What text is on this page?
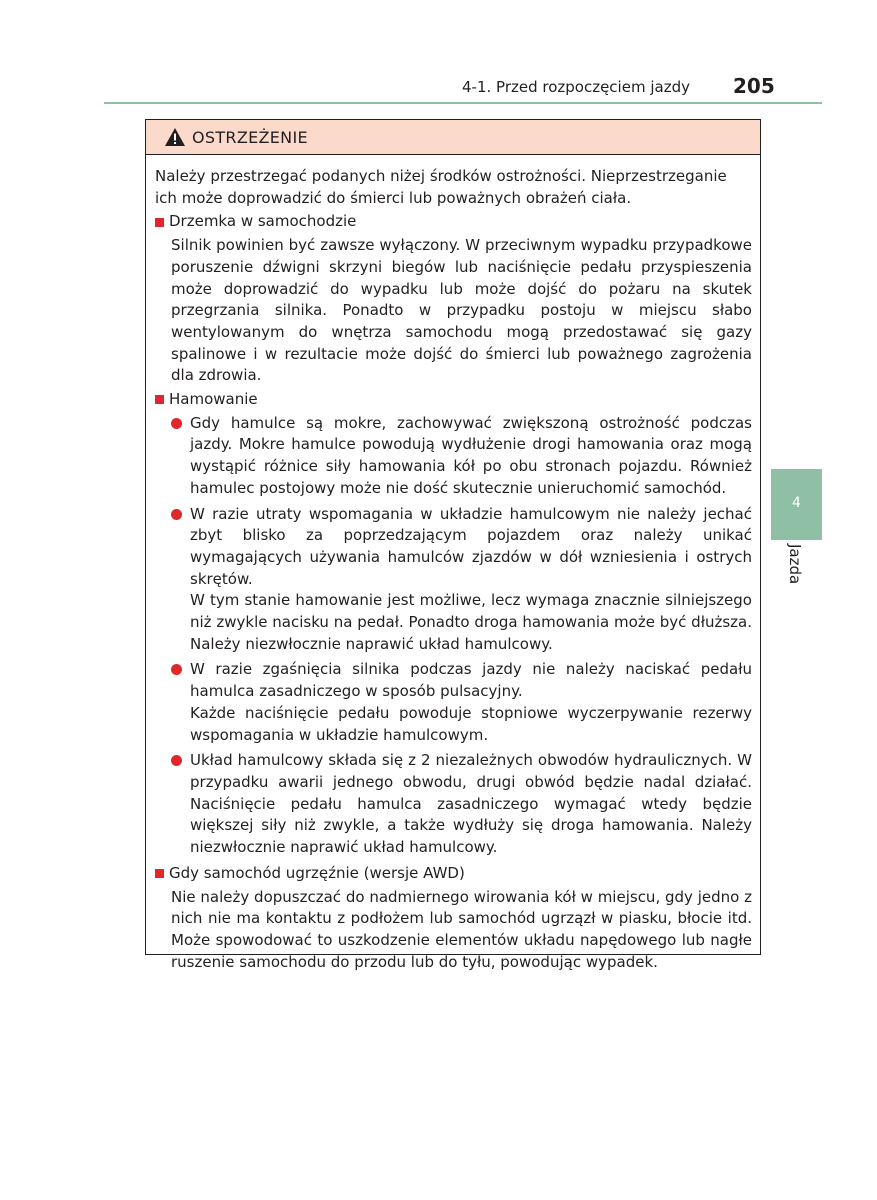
4-1. Przed rozpoczęciem jazdy 205
4
Jazda
OSTRZEŻENIE

Należy przestrzegać podanych niżej środków ostrożności. Nieprzestrzeganie ich może doprowadzić do śmierci lub poważnych obrażeń ciała.

Drzemka w samochodzie

Silnik powinien być zawsze wyłączony. W przeciwnym wypadku przypadkowe poruszenie dźwigni skrzyni biegów lub naciśnięcie pedału przyspieszenia może doprowadzić do wypadku lub może dojść do pożaru na skutek przegrzania silnika. Ponadto w przypadku postoju w miejscu słabo wentylowanym do wnętrza samochodu mogą przedostawać się gazy spalinowe i w rezultacie może dojść do śmierci lub poważnego zagrożenia dla zdrowia.

Hamowanie

Gdy hamulce są mokre, zachowywać zwiększoną ostrożność podczas jazdy. Mokre hamulce powodują wydłużenie drogi hamowania oraz mogą wystąpić różnice siły hamowania kół po obu stronach pojazdu. Również hamulec postojowy może nie dość skutecznie unieruchomić samochód.

W razie utraty wspomagania w układzie hamulcowym nie należy jechać zbyt blisko za poprzedzającym pojazdem oraz należy unikać wymagających używania hamulców zjazdów w dół wzniesienia i ostrych skrętów.

W tym stanie hamowanie jest możliwe, lecz wymaga znacznie silniejszego niż zwykle nacisku na pedał. Ponadto droga hamowania może być dłuższa. Należy niezwłocznie naprawić układ hamulcowy.

W razie zgaśnięcia silnika podczas jazdy nie należy naciskać pedału hamulca zasadniczego w sposób pulsacyjny.

Każde naciśnięcie pedału powoduje stopniowe wyczerpywanie rezerwy wspomagania w układzie hamulcowym.

Układ hamulcowy składa się z 2 niezależnych obwodów hydraulicznych. W przypadku awarii jednego obwodu, drugi obwód będzie nadal działać. Naciśnięcie pedału hamulca zasadniczego wymagać wtedy będzie większej siły niż zwykle, a także wydłuży się droga hamowania. Należy niezwłocznie naprawić układ hamulcowy.

Gdy samochód ugrzęźnie (wersje AWD)

Nie należy dopuszczać do nadmiernego wirowania kół w miejscu, gdy jedno z nich nie ma kontaktu z podłożem lub samochód ugrzązł w piasku, błocie itd. Może spowodować to uszkodzenie elementów układu napędowego lub nagłe ruszenie samochodu do przodu lub do tyłu, powodując wypadek.
